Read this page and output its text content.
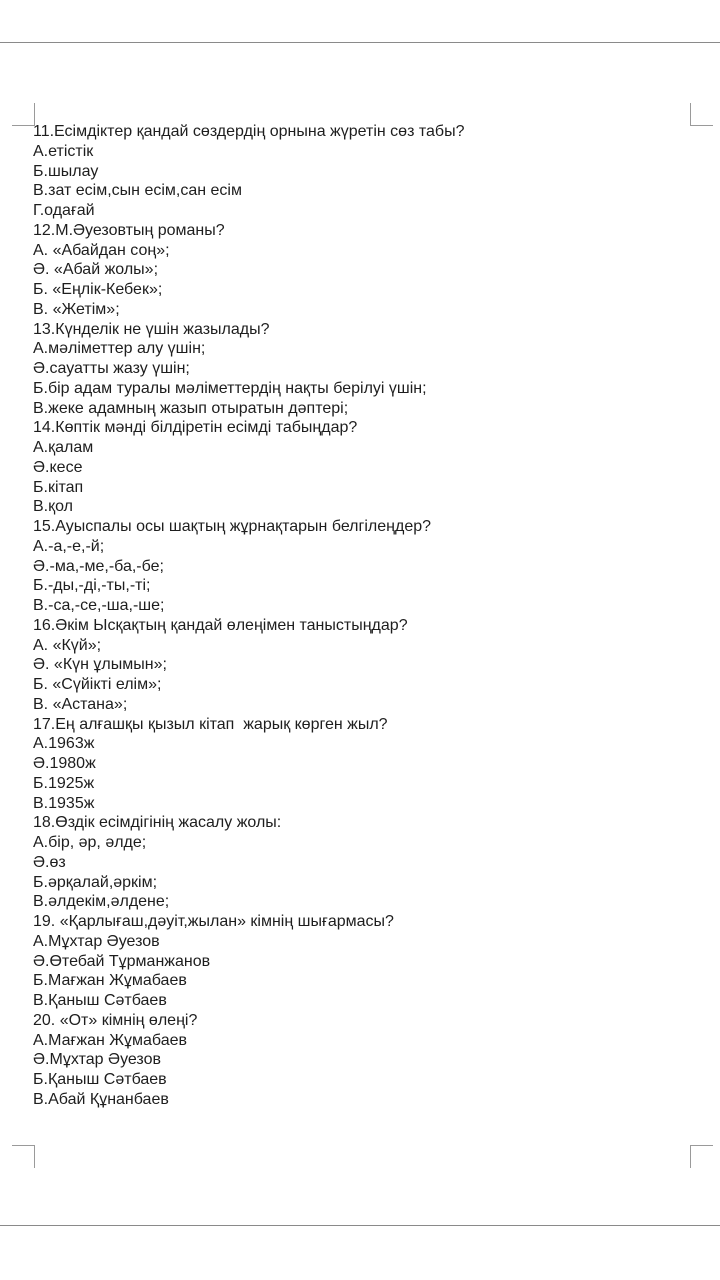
11.Есімдіктер қандай сөздердің орнына жүретін сөз табы?
А.етістік
Б.шылау
В.зат есім,сын есім,сан есім
Г.одағай
12.М.Әуезовтың романы?
А. «Абайдан соң»;
Ә. «Абай жолы»;
Б. «Еңлік-Кебек»;
В. «Жетім»;
13.Күнделік не үшін жазылады?
А.мәліметтер алу үшін;
Ә.сауатты жазу үшін;
Б.бір адам туралы мәліметтердің нақты берілуі үшін;
В.жеке адамның жазып отыратын дәптері;
14.Көптік мәнді білдіретін есімді табыңдар?
А.қалам
Ә.кесе
Б.кітап
В.қол
15.Ауыспалы осы шақтың жұрнақтарын белгілеңдер?
А.-а,-е,-й;
Ә.-ма,-ме,-ба,-бе;
Б.-ды,-ді,-ты,-ті;
В.-са,-се,-ша,-ше;
16.Әкім Ысқақтың қандай өлеңімен таныстыңдар?
А. «Күй»;
Ә. «Күн ұлымын»;
Б. «Сүйікті елім»;
В. «Астана»;
17.Ең алғашқы қызыл кітап  жарық көрген жыл?
А.1963ж
Ә.1980ж
Б.1925ж
В.1935ж
18.Өздік есімдігінің жасалу жолы:
А.бір, әр, әлде;
Ә.өз
Б.әрқалай,әркім;
В.әлдекім,әлдене;
19. «Қарлығаш,дәуіт,жылан» кімнің шығармасы?
А.Мұхтар Әуезов
Ә.Өтебай Тұрманжанов
Б.Мағжан Жұмабаев
В.Қаныш Сәтбаев
20. «От» кімнің өлеңі?
А.Мағжан Жұмабаев
Ә.Мұхтар Әуезов
Б.Қаныш Сәтбаев
В.Абай Құнанбаев
